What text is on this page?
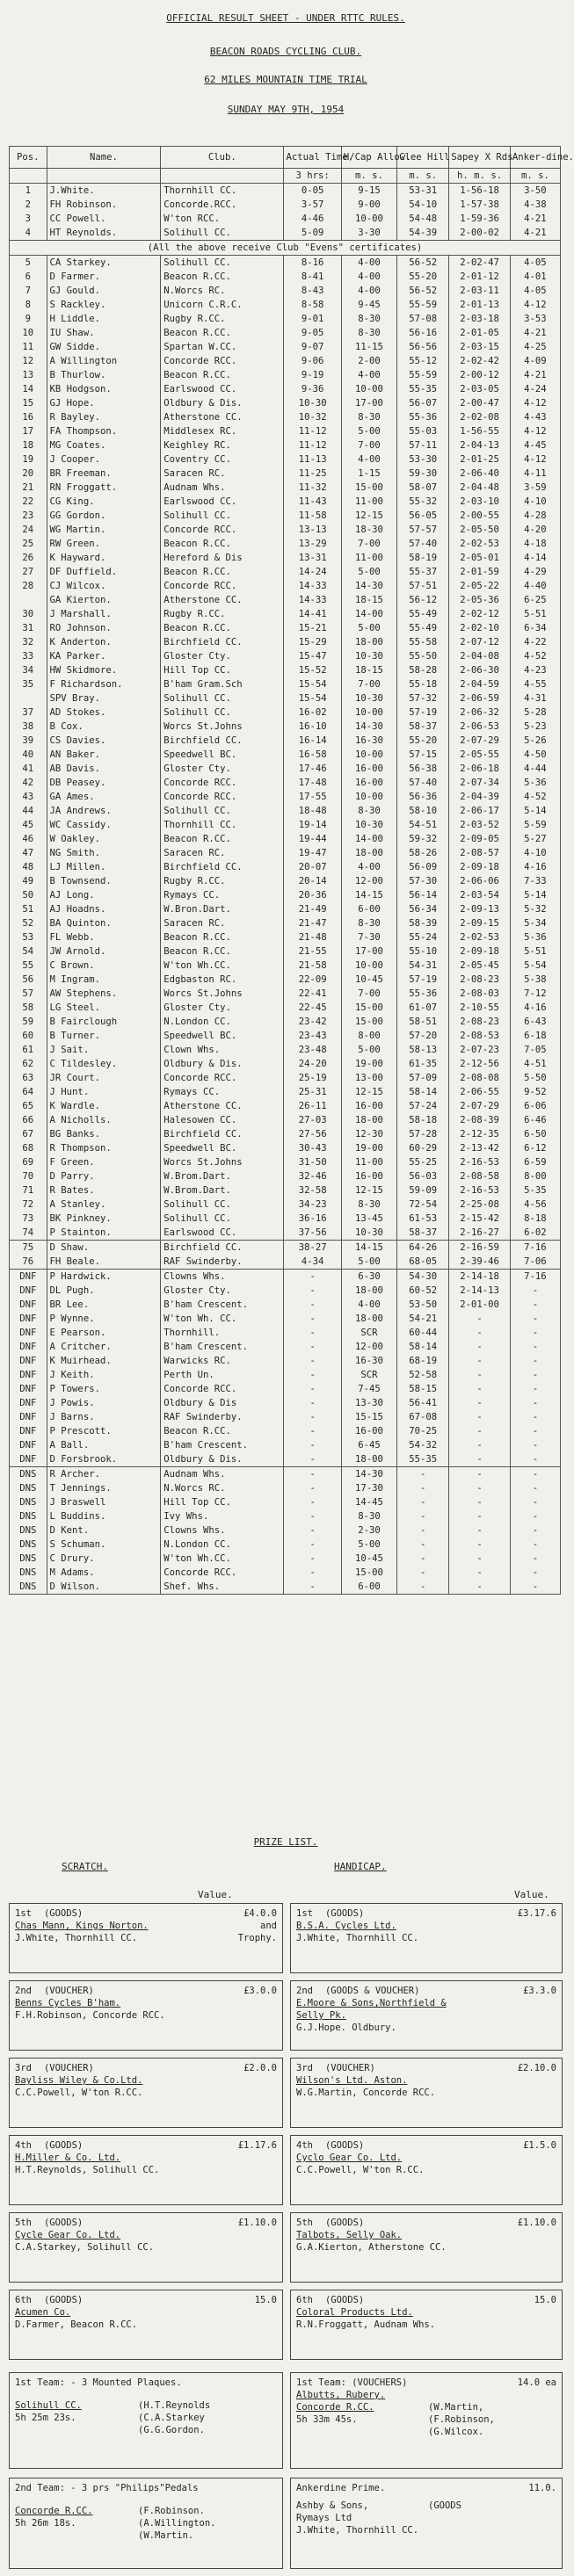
OFFICIAL RESULT SHEET - UNDER RTTC RULES.
BEACON ROADS CYCLING CLUB.
62 MILES MOUNTAIN TIME TRIAL
SUNDAY MAY 9TH, 1954
Pos.	Name.	Club.	Actual Time.	H/Cap Allow.	Clee Hill	Sapey X Rds	Anker-dine.
			3 hrs:	m. s.	m. s.	h. m. s.	m. s.
1	J.White.	Thornhill CC.	0-05	9-15	53-31	1-56-18	3-50
2	FH Robinson.	Concorde.RCC.	3-57	9-00	54-10	1-57-38	4-38
3	CC Powell.	W'ton RCC.	4-46	10-00	54-48	1-59-36	4-21
4	HT Reynolds.	Solihull CC.	5-09	3-30	54-39	2-00-02	4-21
(All the above receive Club "Evens" certificates)							
5	CA Starkey.	Solihull CC.	8-16	4-00	56-52	2-02-47	4-05
6	D Farmer.	Beacon R.CC.	8-41	4-00	55-20	2-01-12	4-01
7	GJ Gould.	N.Worcs RC.	8-43	4-00	56-52	2-03-11	4-05
8	S Rackley.	Unicorn C.R.C.	8-58	9-45	55-59	2-01-13	4-12
9	H Liddle.	Rugby R.CC.	9-01	8-30	57-08	2-03-18	3-53
10	IU Shaw.	Beacon R.CC.	9-05	8-30	56-16	2-01-05	4-21
11	GW Sidde.	Spartan W.CC.	9-07	11-15	56-56	2-03-15	4-25
12	A Willington	Concorde RCC.	9-06	2-00	55-12	2-02-42	4-09
13	B Thurlow.	Beacon R.CC.	9-19	4-00	55-59	2-00-12	4-21
14	KB Hodgson.	Earlswood CC.	9-36	10-00	55-35	2-03-05	4-24
15	GJ Hope.	Oldbury & Dis.	10-30	17-00	56-07	2-00-47	4-12
16	R Bayley.	Atherstone CC.	10-32	8-30	55-36	2-02-08	4-43
17	FA Thompson.	Middlesex RC.	11-12	5-00	55-03	1-56-55	4-12
18	MG Coates.	Keighley RC.	11-12	7-00	57-11	2-04-13	4-45
19	J Cooper.	Coventry CC.	11-13	4-00	53-30	2-01-25	4-12
20	BR Freeman.	Saracen RC.	11-25	1-15	59-30	2-06-40	4-11
21	RN Froggatt.	Audnam Whs.	11-32	15-00	58-07	2-04-48	3-59
22	CG King.	Earlswood CC.	11-43	11-00	55-32	2-03-10	4-10
23	GG Gordon.	Solihull CC.	11-58	12-15	56-05	2-00-55	4-28
24	WG Martin.	Concorde RCC.	13-13	18-30	57-57	2-05-50	4-20
25	RW Green.	Beacon R.CC.	13-29	7-00	57-40	2-02-53	4-18
26	K Hayward.	Hereford & Dis	13-31	11-00	58-19	2-05-01	4-14
27	DF Duffield.	Beacon R.CC.	14-24	5-00	55-37	2-01-59	4-29
28	CJ Wilcox.	Concorde RCC.	14-33	14-30	57-51	2-05-22	4-40
	GA Kierton.	Atherstone CC.	14-33	18-15	56-12	2-05-36	6-25
30	J Marshall.	Rugby R.CC.	14-41	14-00	55-49	2-02-12	5-51
31	RO Johnson.	Beacon R.CC.	15-21	5-00	55-49	2-02-10	6-34
32	K Anderton.	Birchfield CC.	15-29	18-00	55-58	2-07-12	4-22
33	KA Parker.	Gloster Cty.	15-47	10-30	55-50	2-04-08	4-52
34	HW Skidmore.	Hill Top CC.	15-52	18-15	58-28	2-06-30	4-23
35	F Richardson.	B'ham Gram.Sch	15-54	7-00	55-18	2-04-59	4-55
	SPV Bray.	Solihull CC.	15-54	10-30	57-32	2-06-59	4-31
37	AD Stokes.	Solihull CC.	16-02	10-00	57-19	2-06-32	5-28
38	B Cox.	Worcs St.Johns	16-10	14-30	58-37	2-06-53	5-23
39	CS Davies.	Birchfield CC.	16-14	16-30	55-20	2-07-29	5-26
40	AN Baker.	Speedwell BC.	16-58	10-00	57-15	2-05-55	4-50
41	AB Davis.	Gloster Cty.	17-46	16-00	56-38	2-06-18	4-44
42	DB Peasey.	Concorde RCC.	17-48	16-00	57-40	2-07-34	5-36
43	GA Ames.	Concorde RCC.	17-55	10-00	56-36	2-04-39	4-52
44	JA Andrews.	Solihull CC.	18-48	8-30	58-10	2-06-17	5-14
45	WC Cassidy.	Thornhill CC.	19-14	10-30	54-51	2-03-52	5-59
46	W Oakley.	Beacon R.CC.	19-44	14-00	59-32	2-09-05	5-27
47	NG Smith.	Saracen RC.	19-47	18-00	58-26	2-08-57	4-10
48	LJ Millen.	Birchfield CC.	20-07	4-00	56-09	2-09-18	4-16
49	B Townsend.	Rugby R.CC.	20-14	12-00	57-30	2-06-06	7-33
50	AJ Long.	Rymays CC.	20-36	14-15	56-14	2-03-54	5-14
51	AJ Hoadns.	W.Bron.Dart.	21-49	6-00	56-34	2-09-13	5-32
52	BA Quinton.	Saracen RC.	21-47	8-30	58-39	2-09-15	5-34
53	FL Webb.	Beacon R.CC.	21-48	7-30	55-24	2-02-53	5-36
54	JW Arnold.	Beacon R.CC.	21-55	17-00	55-10	2-09-18	5-51
55	C Brown.	W'ton Wh.CC.	21-58	10-00	54-31	2-05-45	5-54
56	M Ingram.	Edgbaston RC.	22-09	10-45	57-19	2-08-23	5-38
57	AW Stephens.	Worcs St.Johns	22-41	7-00	55-36	2-08-03	7-12
58	LG Steel.	Gloster Cty.	22-45	15-00	61-07	2-10-55	4-16
59	B Fairclough	N.London CC.	23-42	15-00	58-51	2-08-23	6-43
60	B Turner.	Speedwell BC.	23-43	8-00	57-20	2-08-53	6-18
61	J Sait.	Clown Whs.	23-48	5-00	58-13	2-07-23	7-05
62	C Tildesley.	Oldbury & Dis.	24-20	19-00	61-35	2-12-56	4-51
63	JR Court.	Concorde RCC.	25-19	13-00	57-09	2-08-08	5-50
64	J Hunt.	Rymays CC.	25-31	12-15	58-14	2-06-55	9-52
65	K Wardle.	Atherstone CC.	26-11	16-00	57-24	2-07-29	6-06
66	A Nicholls.	Halesowen CC.	27-03	18-00	58-18	2-08-39	6-46
67	BG Banks.	Birchfield CC.	27-56	12-30	57-28	2-12-35	6-50
68	R Thompson.	Speedwell BC.	30-43	19-00	60-29	2-13-42	6-12
69	F Green.	Worcs St.Johns	31-50	11-00	55-25	2-16-53	6-59
70	D Parry.	W.Brom.Dart.	32-46	16-00	56-03	2-08-58	8-00
71	R Bates.	W.Brom.Dart.	32-58	12-15	59-09	2-16-53	5-35
72	A Stanley.	Solihull CC.	34-23	8-30	72-54	2-25-08	4-56
73	BK Pinkney.	Solihull CC.	36-16	13-45	61-53	2-15-42	8-18
74	P Stainton.	Earlswood CC.	37-56	10-30	58-37	2-16-27	6-02
75	D Shaw.	Birchfield CC.	38-27	14-15	64-26	2-16-59	7-16
76	FH Beale.	RAF Swinderby.	4-34	5-00	68-05	2-39-46	7-06
DNF	P Hardwick.	Clowns Whs.	-	6-30	54-30	2-14-18	7-16
DNF	DL Pugh.	Gloster Cty.	-	18-00	60-52	2-14-13	-
DNF	BR Lee.	B'ham Crescent.	-	4-00	53-50	2-01-00	-
DNF	P Wynne.	W'ton Wh. CC.	-	18-00	54-21	-	-
DNF	E Pearson.	Thornhill.	-	SCR	60-44	-	-
DNF	A Critcher.	B'ham Crescent.	-	12-00	58-14	-	-
DNF	K Muirhead.	Warwicks RC.	-	16-30	68-19	-	-
DNF	J Keith.	Perth Un.	-	SCR	52-58	-	-
DNF	P Towers.	Concorde RCC.	-	7-45	58-15	-	-
DNF	J Powis.	Oldbury & Dis	-	13-30	56-41	-	-
DNF	J Barns.	RAF Swinderby.	-	15-15	67-08	-	-
DNF	P Prescott.	Beacon R.CC.	-	16-00	70-25	-	-
DNF	A Ball.	B'ham Crescent.	-	6-45	54-32	-	-
DNF	D Forsbrook.	Oldbury & Dis.	-	18-00	55-35	-	-
DNS	R Archer.	Audnam Whs.	-	14-30	-	-	-
DNS	T Jennings.	N.Worcs RC.	-	17-30	-	-	-
DNS	J Braswell	Hill Top CC.	-	14-45	-	-	-
DNS	L Buddins.	Ivy Whs.	-	8-30	-	-	-
DNS	D Kent.	Clowns Whs.	-	2-30	-	-	-
DNS	S Schuman.	N.London CC.	-	5-00	-	-	-
DNS	C Drury.	W'ton Wh.CC.	-	10-45	-	-	-
DNS	M Adams.	Concorde RCC.	-	15-00	-	-	-
DNS	D Wilson.	Shef. Whs.	-	6-00	-	-	-
PRIZE LIST.
SCRATCH.	HANDICAP.
Value.	Value.
1st (GOODS)	£4.0.0
Chas Mann, Kings Norton.	and
J.White, Thornhill CC.	Trophy.
2nd (VOUCHER)	£3.0.0
Benns Cycles B'ham.
F.H.Robinson, Concorde RCC.
3rd (VOUCHER)	£2.0.0
Bayliss Wiley & Co.Ltd.
C.C.Powell, W'ton R.CC.
4th (GOODS)	£1.17.6
H.Miller & Co. Ltd.
H.T.Reynolds, Solihull CC.
5th (GOODS)	£1.10.0
Cycle Gear Co. Ltd.
C.A.Starkey, Solihull CC.
6th (GOODS)	15.0
Acumen Co.
D.Farmer, Beacon R.CC.
1st (GOODS)	£3.17.6
B.S.A. Cycles Ltd.
J.White, Thornhill CC.
2nd (GOODS & VOUCHER)	£3.3.0
E.Moore & Sons,Northfield &
Selly Pk.
G.J.Hope. Oldbury.
3rd (VOUCHER)	£2.10.0
Wilson's Ltd. Aston.
W.G.Martin, Concorde RCC.
4th (GOODS)	£1.5.0
Cyclo Gear Co. Ltd.
C.C.Powell, W'ton R.CC.
5th (GOODS)	£1.10.0
Talbots, Selly Oak.
G.A.Kierton, Atherstone CC.
6th (GOODS)	15.0
Coloral Products Ltd.
R.N.Froggatt, Audnam Whs.
1st Team: - 3 Mounted Plaques.
Solihull CC.
5h 25m 23s.
(H.T.Reynolds
(C.A.Starkey
(G.G.Gordon.
1st Team: (VOUCHERS)	14.0 ea
Albutts, Rubery.
Concorde R.CC.
5h 33m 45s.
(W.Martin,
(F.Robinson,
(G.Wilcox.
2nd Team: - 3 prs "Philips"Pedals
Concorde R.CC.
5h 26m 18s.
(F.Robinson.
(A.Willington.
(W.Martin.
Ankerdine Prime.	11.0.
Ashby & Sons,
Rymays Ltd
(GOODS
J.White, Thornhill CC.
